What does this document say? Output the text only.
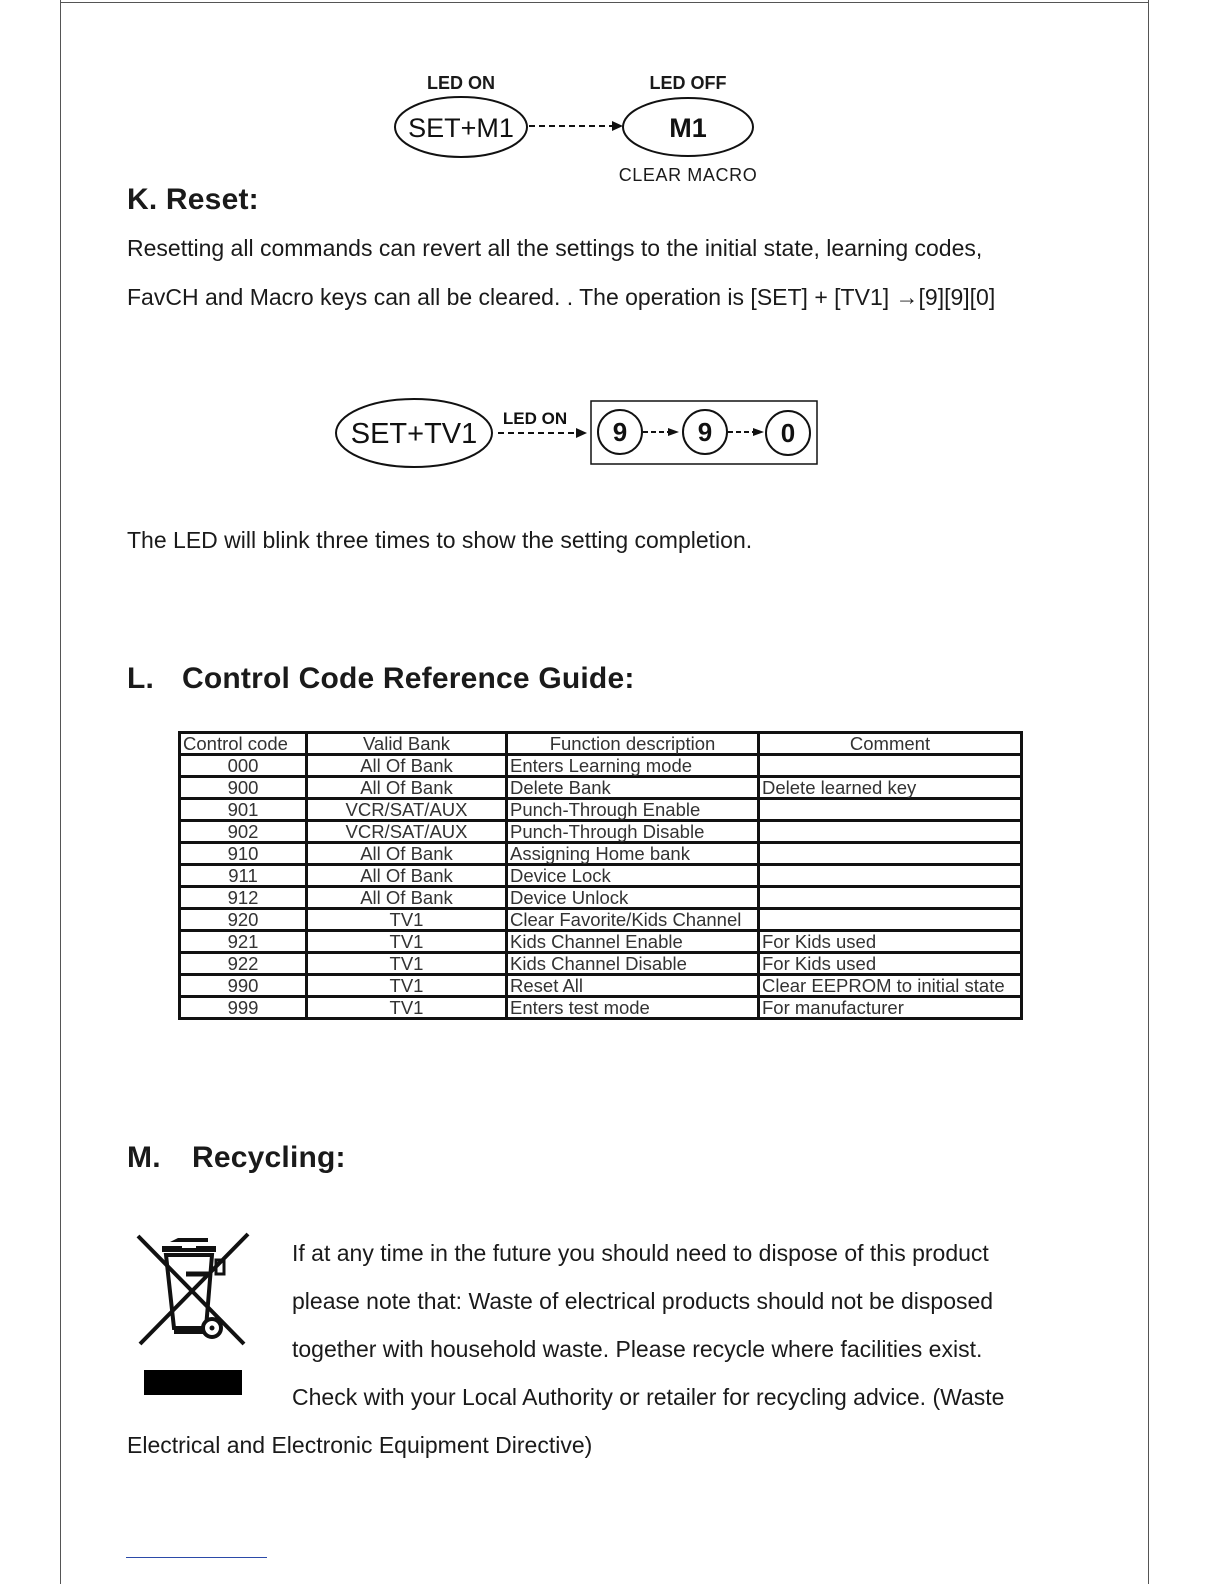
LED ON	LED OFF
SET+M1	M1
CLEAR MACRO
K. Reset:

Resetting all commands can revert all the settings to the initial state, learning codes,

FavCH and Macro keys can all be cleared. . The operation is [SET] + [TV1] →[9][9][0]

SET+TV1 LED ON 9	9	0

The LED will blink three times to show the setting completion.

L. Control Code Reference Guide:
Control code	Valid Bank	Function description	Comment
000	All Of Bank	Enters Learning mode	
900	All Of Bank	Delete Bank	Delete learned key
901	VCR/SAT/AUX	Punch-Through Enable	
902	VCR/SAT/AUX	Punch-Through Disable	
910	All Of Bank	Assigning Home bank	
911	All Of Bank	Device Lock	
912	All Of Bank	Device Unlock	
920	TV1	Clear Favorite/Kids Channel	
921	TV1	Kids Channel Enable	For Kids used
922	TV1	Kids Channel Disable	For Kids used
990	TV1	Reset All	Clear EEPROM to initial state
999	TV1	Enters test mode	For manufacturer
M. Recycling:

If at any time in the future you should need to dispose of this product

please note that: Waste of electrical products should not be disposed

together with household waste. Please recycle where facilities exist.

Check with your Local Authority or retailer for recycling advice. (Waste

Electrical and Electronic Equipment Directive)
